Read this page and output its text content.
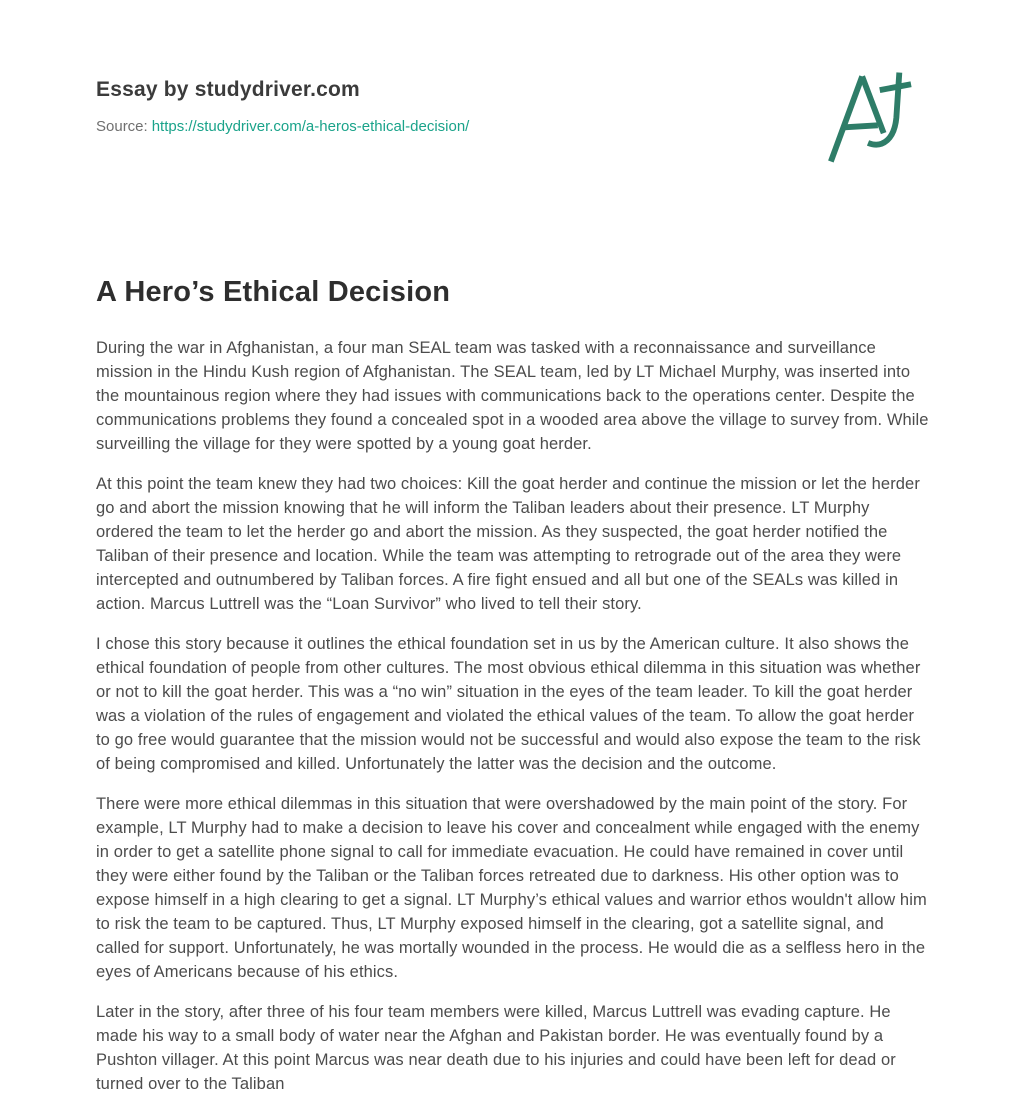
Essay by studydriver.com
Source: https://studydriver.com/a-heros-ethical-decision/
A Hero’s Ethical Decision

During the war in Afghanistan, a four man SEAL team was tasked with a reconnaissance and surveillance mission in the Hindu Kush region of Afghanistan. The SEAL team, led by LT Michael Murphy, was inserted into the mountainous region where they had issues with communications back to the operations center. Despite the communications problems they found a concealed spot in a wooded area above the village to survey from. While surveilling the village for they were spotted by a young goat herder.

At this point the team knew they had two choices: Kill the goat herder and continue the mission or let the herder go and abort the mission knowing that he will inform the Taliban leaders about their presence. LT Murphy ordered the team to let the herder go and abort the mission. As they suspected, the goat herder notified the Taliban of their presence and location. While the team was attempting to retrograde out of the area they were intercepted and outnumbered by Taliban forces. A fire fight ensued and all but one of the SEALs was killed in action. Marcus Luttrell was the “Loan Survivor” who lived to tell their story.

I chose this story because it outlines the ethical foundation set in us by the American culture. It also shows the ethical foundation of people from other cultures. The most obvious ethical dilemma in this situation was whether or not to kill the goat herder. This was a “no win” situation in the eyes of the team leader. To kill the goat herder was a violation of the rules of engagement and violated the ethical values of the team. To allow the goat herder to go free would guarantee that the mission would not be successful and would also expose the team to the risk of being compromised and killed. Unfortunately the latter was the decision and the outcome.

There were more ethical dilemmas in this situation that were overshadowed by the main point of the story. For example, LT Murphy had to make a decision to leave his cover and concealment while engaged with the enemy in order to get a satellite phone signal to call for immediate evacuation. He could have remained in cover until they were either found by the Taliban or the Taliban forces retreated due to darkness. His other option was to expose himself in a high clearing to get a signal. LT Murphy’s ethical values and warrior ethos wouldn't allow him to risk the team to be captured. Thus, LT Murphy exposed himself in the clearing, got a satellite signal, and called for support. Unfortunately, he was mortally wounded in the process. He would die as a selfless hero in the eyes of Americans because of his ethics.

Later in the story, after three of his four team members were killed, Marcus Luttrell was evading capture. He made his way to a small body of water near the Afghan and Pakistan border. He was eventually found by a Pushton villager. At this point Marcus was near death due to his injuries and could have been left for dead or turned over to the Taliban
